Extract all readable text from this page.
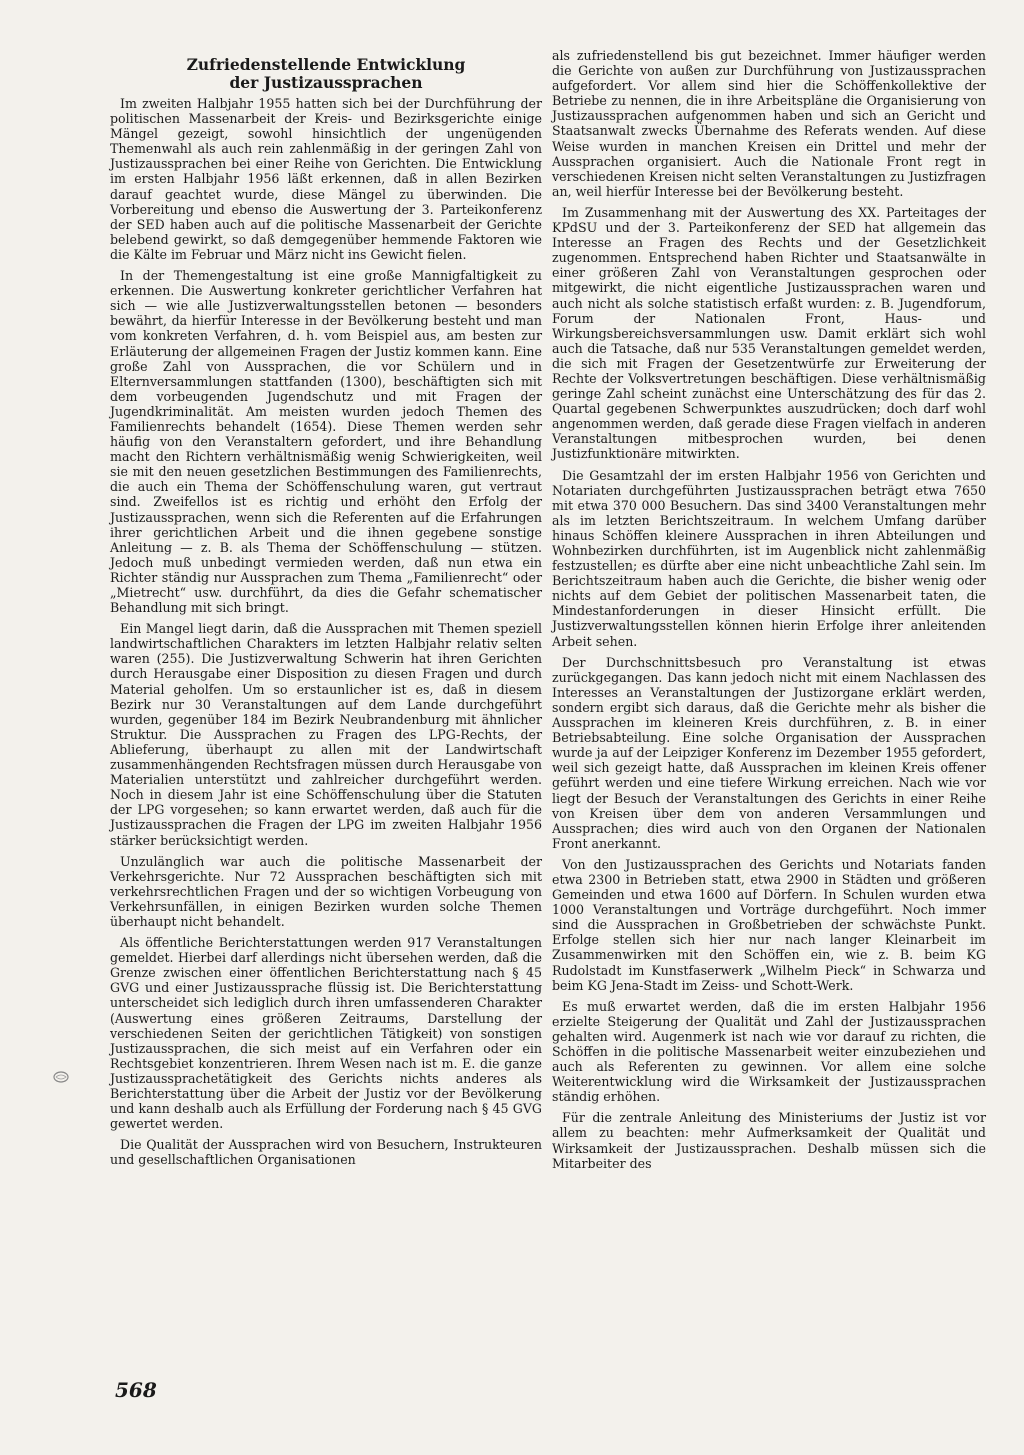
Zufriedenstellende Entwicklung
der Justizaussprachen

Im zweiten Halbjahr 1955 hatten sich bei der Durchführung der politischen Massenarbeit der Kreis- und Bezirksgerichte einige Mängel gezeigt, sowohl hinsichtlich der ungenügenden Themenwahl als auch rein zahlenmäßig in der geringen Zahl von Justizaussprachen bei einer Reihe von Gerichten. Die Entwicklung im ersten Halbjahr 1956 läßt erkennen, daß in allen Bezirken darauf geachtet wurde, diese Mängel zu überwinden. Die Vorbereitung und ebenso die Auswertung der 3. Parteikonferenz der SED haben auch auf die politische Massenarbeit der Gerichte belebend gewirkt, so daß demgegenüber hemmende Faktoren wie die Kälte im Februar und März nicht ins Gewicht fielen.

In der Themengestaltung ist eine große Mannigfaltigkeit zu erkennen. Die Auswertung konkreter gerichtlicher Verfahren hat sich — wie alle Justizverwaltungsstellen betonen — besonders bewährt, da hierfür Interesse in der Bevölkerung besteht und man vom konkreten Verfahren, d. h. vom Beispiel aus, am besten zur Erläuterung der allgemeinen Fragen der Justiz kommen kann. Eine große Zahl von Aussprachen, die vor Schülern und in Elternversammlungen stattfanden (1300), beschäftigten sich mit dem vorbeugenden Jugendschutz und mit Fragen der Jugendkriminalität. Am meisten wurden jedoch Themen des Familienrechts behandelt (1654). Diese Themen werden sehr häufig von den Veranstaltern gefordert, und ihre Behandlung macht den Richtern verhältnismäßig wenig Schwierigkeiten, weil sie mit den neuen gesetzlichen Bestimmungen des Familienrechts, die auch ein Thema der Schöffenschulung waren, gut vertraut sind. Zweifellos ist es richtig und erhöht den Erfolg der Justizaussprachen, wenn sich die Referenten auf die Erfahrungen ihrer gerichtlichen Arbeit und die ihnen gegebene sonstige Anleitung — z. B. als Thema der Schöffenschulung — stützen. Jedoch muß unbedingt vermieden werden, daß nun etwa ein Richter ständig nur Aussprachen zum Thema „Familienrecht“ oder „Mietrecht“ usw. durchführt, da dies die Gefahr schematischer Behandlung mit sich bringt.

Ein Mangel liegt darin, daß die Aussprachen mit Themen speziell landwirtschaftlichen Charakters im letzten Halbjahr relativ selten waren (255). Die Justizverwaltung Schwerin hat ihren Gerichten durch Herausgabe einer Disposition zu diesen Fragen und durch Material geholfen. Um so erstaunlicher ist es, daß in diesem Bezirk nur 30 Veranstaltungen auf dem Lande durchgeführt wurden, gegenüber 184 im Bezirk Neubrandenburg mit ähnlicher Struktur. Die Aussprachen zu Fragen des LPG-Rechts, der Ablieferung, überhaupt zu allen mit der Landwirtschaft zusammenhängenden Rechtsfragen müssen durch Herausgabe von Materialien unterstützt und zahlreicher durchgeführt werden. Noch in diesem Jahr ist eine Schöffenschulung über die Statuten der LPG vorgesehen; so kann erwartet werden, daß auch für die Justizaussprachen die Fragen der LPG im zweiten Halbjahr 1956 stärker berücksichtigt werden.

Unzulänglich war auch die politische Massenarbeit der Verkehrsgerichte. Nur 72 Aussprachen beschäftigten sich mit verkehrsrechtlichen Fragen und der so wichtigen Vorbeugung von Verkehrsunfällen, in einigen Bezirken wurden solche Themen überhaupt nicht behandelt.

Als öffentliche Berichterstattungen werden 917 Veranstaltungen gemeldet. Hierbei darf allerdings nicht übersehen werden, daß die Grenze zwischen einer öffentlichen Berichterstattung nach § 45 GVG und einer Justizaussprache flüssig ist. Die Berichterstattung unterscheidet sich lediglich durch ihren umfassenderen Charakter (Auswertung eines größeren Zeitraums, Darstellung der verschiedenen Seiten der gerichtlichen Tätigkeit) von sonstigen Justizaussprachen, die sich meist auf ein Verfahren oder ein Rechtsgebiet konzentrieren. Ihrem Wesen nach ist m. E. die ganze Justizaussprachetätigkeit des Gerichts nichts anderes als Berichterstattung über die Arbeit der Justiz vor der Bevölkerung und kann deshalb auch als Erfüllung der Forderung nach § 45 GVG gewertet werden.

Die Qualität der Aussprachen wird von Besuchern, Instrukteuren und gesellschaftlichen Organisationen

als zufriedenstellend bis gut bezeichnet. Immer häufiger werden die Gerichte von außen zur Durchführung von Justizaussprachen aufgefordert. Vor allem sind hier die Schöffenkollektive der Betriebe zu nennen, die in ihre Arbeitspläne die Organisierung von Justizaussprachen aufgenommen haben und sich an Gericht und Staatsanwalt zwecks Übernahme des Referats wenden. Auf diese Weise wurden in manchen Kreisen ein Drittel und mehr der Aussprachen organisiert. Auch die Nationale Front regt in verschiedenen Kreisen nicht selten Veranstaltungen zu Justizfragen an, weil hierfür Interesse bei der Bevölkerung besteht.

Im Zusammenhang mit der Auswertung des XX. Parteitages der KPdSU und der 3. Parteikonferenz der SED hat allgemein das Interesse an Fragen des Rechts und der Gesetzlichkeit zugenommen. Entsprechend haben Richter und Staatsanwälte in einer größeren Zahl von Veranstaltungen gesprochen oder mitgewirkt, die nicht eigentliche Justizaussprachen waren und auch nicht als solche statistisch erfaßt wurden: z. B. Jugendforum, Forum der Nationalen Front, Haus- und Wirkungsbereichsversammlungen usw. Damit erklärt sich wohl auch die Tatsache, daß nur 535 Veranstaltungen gemeldet werden, die sich mit Fragen der Gesetzentwürfe zur Erweiterung der Rechte der Volksvertretungen beschäftigen. Diese verhältnismäßig geringe Zahl scheint zunächst eine Unterschätzung des für das 2. Quartal gegebenen Schwerpunktes auszudrücken; doch darf wohl angenommen werden, daß gerade diese Fragen vielfach in anderen Veranstaltungen mitbesprochen wurden, bei denen Justizfunktionäre mitwirkten.

Die Gesamtzahl der im ersten Halbjahr 1956 von Gerichten und Notariaten durchgeführten Justizaussprachen beträgt etwa 7650 mit etwa 370 000 Besuchern. Das sind 3400 Veranstaltungen mehr als im letzten Berichtszeitraum. In welchem Umfang darüber hinaus Schöffen kleinere Aussprachen in ihren Abteilungen und Wohnbezirken durchführten, ist im Augenblick nicht zahlenmäßig festzustellen; es dürfte aber eine nicht unbeachtliche Zahl sein. Im Berichtszeitraum haben auch die Gerichte, die bisher wenig oder nichts auf dem Gebiet der politischen Massenarbeit taten, die Mindestanforderungen in dieser Hinsicht erfüllt. Die Justizverwaltungsstellen können hierin Erfolge ihrer anleitenden Arbeit sehen.

Der Durchschnittsbesuch pro Veranstaltung ist etwas zurückgegangen. Das kann jedoch nicht mit einem Nachlassen des Interesses an Veranstaltungen der Justizorgane erklärt werden, sondern ergibt sich daraus, daß die Gerichte mehr als bisher die Aussprachen im kleineren Kreis durchführen, z. B. in einer Betriebsabteilung. Eine solche Organisation der Aussprachen wurde ja auf der Leipziger Konferenz im Dezember 1955 gefordert, weil sich gezeigt hatte, daß Aussprachen im kleinen Kreis offener geführt werden und eine tiefere Wirkung erreichen. Nach wie vor liegt der Besuch der Veranstaltungen des Gerichts in einer Reihe von Kreisen über dem von anderen Versammlungen und Aussprachen; dies wird auch von den Organen der Nationalen Front anerkannt.

Von den Justizaussprachen des Gerichts und Notariats fanden etwa 2300 in Betrieben statt, etwa 2900 in Städten und größeren Gemeinden und etwa 1600 auf Dörfern. In Schulen wurden etwa 1000 Veranstaltungen und Vorträge durchgeführt. Noch immer sind die Aussprachen in Großbetrieben der schwächste Punkt. Erfolge stellen sich hier nur nach langer Kleinarbeit im Zusammenwirken mit den Schöffen ein, wie z. B. beim KG Rudolstadt im Kunstfaserwerk „Wilhelm Pieck“ in Schwarza und beim KG Jena-Stadt im Zeiss- und Schott-Werk.

Es muß erwartet werden, daß die im ersten Halbjahr 1956 erzielte Steigerung der Qualität und Zahl der Justizaussprachen gehalten wird. Augenmerk ist nach wie vor darauf zu richten, die Schöffen in die politische Massenarbeit weiter einzubeziehen und auch als Referenten zu gewinnen. Vor allem eine solche Weiterentwicklung wird die Wirksamkeit der Justizaussprachen ständig erhöhen.

Für die zentrale Anleitung des Ministeriums der Justiz ist vor allem zu beachten: mehr Aufmerksamkeit der Qualität und Wirksamkeit der Justizaussprachen. Deshalb müssen sich die Mitarbeiter des

568
